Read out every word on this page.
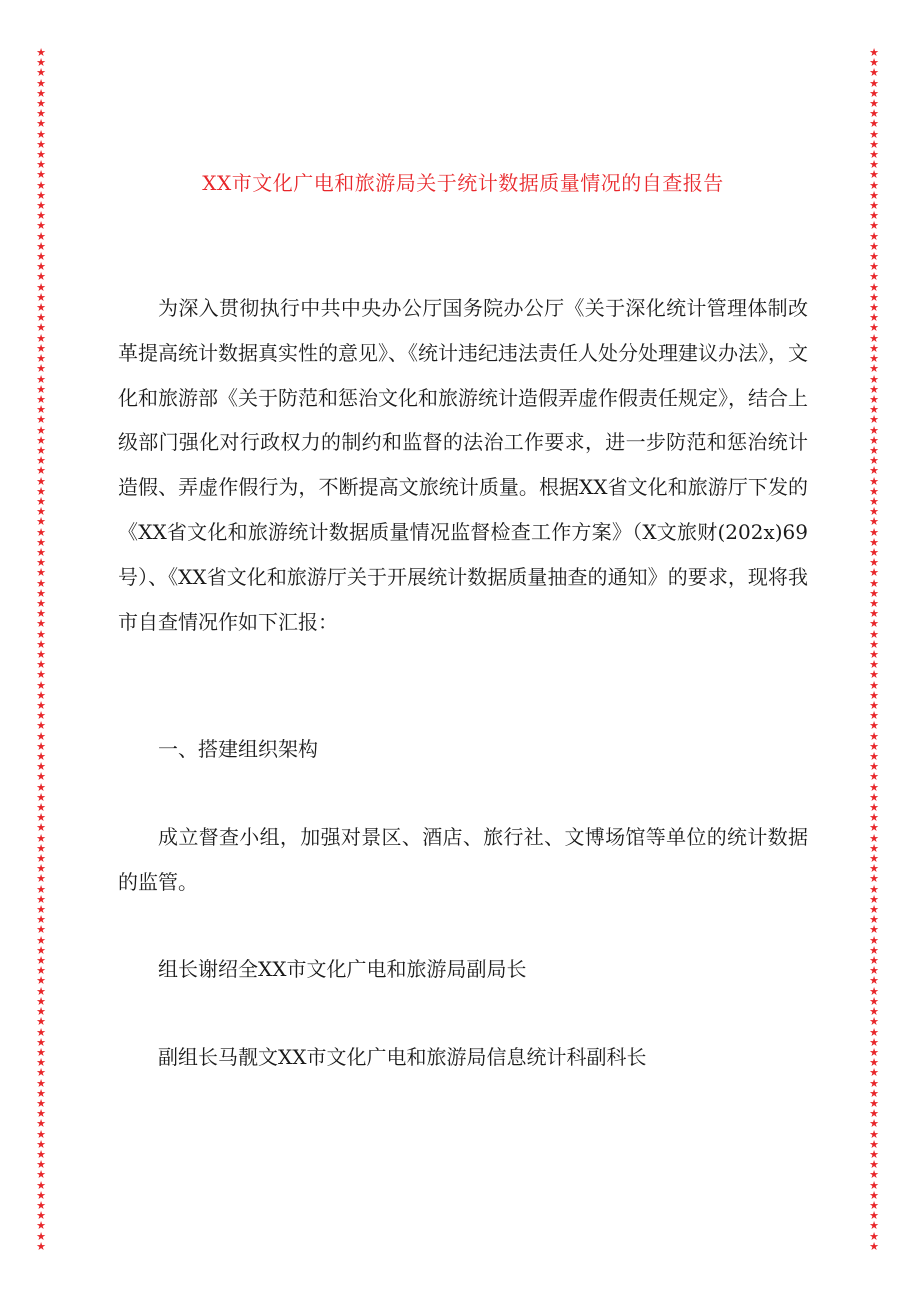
★
★
★
★
★
★
★
★
★
★
★
★
★
★
★
★
★
★
★
★
★
★
★
★
★
★
★
★
★
★
★
★
★
★
★
★
★
★
★
★
★
★
★
★
★
★
★
★
★
★
★
★
★
★
★
★
★
★
★
★
★
★
★
★
★
★
★
★
★
★
★
★
★
★
★
★
★
★
★
★
★
★
★
★
★
★
★
★
★
★
★
★
★
★
★
★
★
★
★
★
★
★
★
★
★
★
★
★
★
★
★
★
★
★
★
★
★
★
★
★
★
★
★
★
★
★
★
★
★
★
★
★
★
★
★
★
★
★
★
★
★
★
★
★
★
★
★
★
★
★
★
★
★
★
★
★
★
★
★
★
★
★
★
★
★
★
★
★
★
★
★
★
★
★
★
★
★
★
★
★
★
★
★
★
★
★
★
★
★
★
★
★
★
★
★
★
★
★
★
★
★
★
★
★
★
★
★
★
★
★
★
★
★
★
★
★
★
★
★
★
★
★
★
★
★
★
★
★
★
★
★
★
★
★
★
★
XX市文化广电和旅游局关于统计数据质量情况的自查报告

为深入贯彻执行中共中央办公厅国务院办公厅《关于深化统计管理体制改革提高统计数据真实性的意见》、《统计违纪违法责任人处分处理建议办法》，文化和旅游部《关于防范和惩治文化和旅游统计造假弄虚作假责任规定》，结合上级部门强化对行政权力的制约和监督的法治工作要求，进一步防范和惩治统计造假、弄虚作假行为，不断提高文旅统计质量。根据XX省文化和旅游厅下发的《XX省文化和旅游统计数据质量情况监督检查工作方案》（X文旅财(202x)69号）、《XX省文化和旅游厅关于开展统计数据质量抽查的通知》的要求，现将我市自查情况作如下汇报：

一、搭建组织架构

成立督查小组，加强对景区、酒店、旅行社、文博场馆等单位的统计数据的监管。

组长谢绍全XX市文化广电和旅游局副局长

副组长马靓文XX市文化广电和旅游局信息统计科副科长
